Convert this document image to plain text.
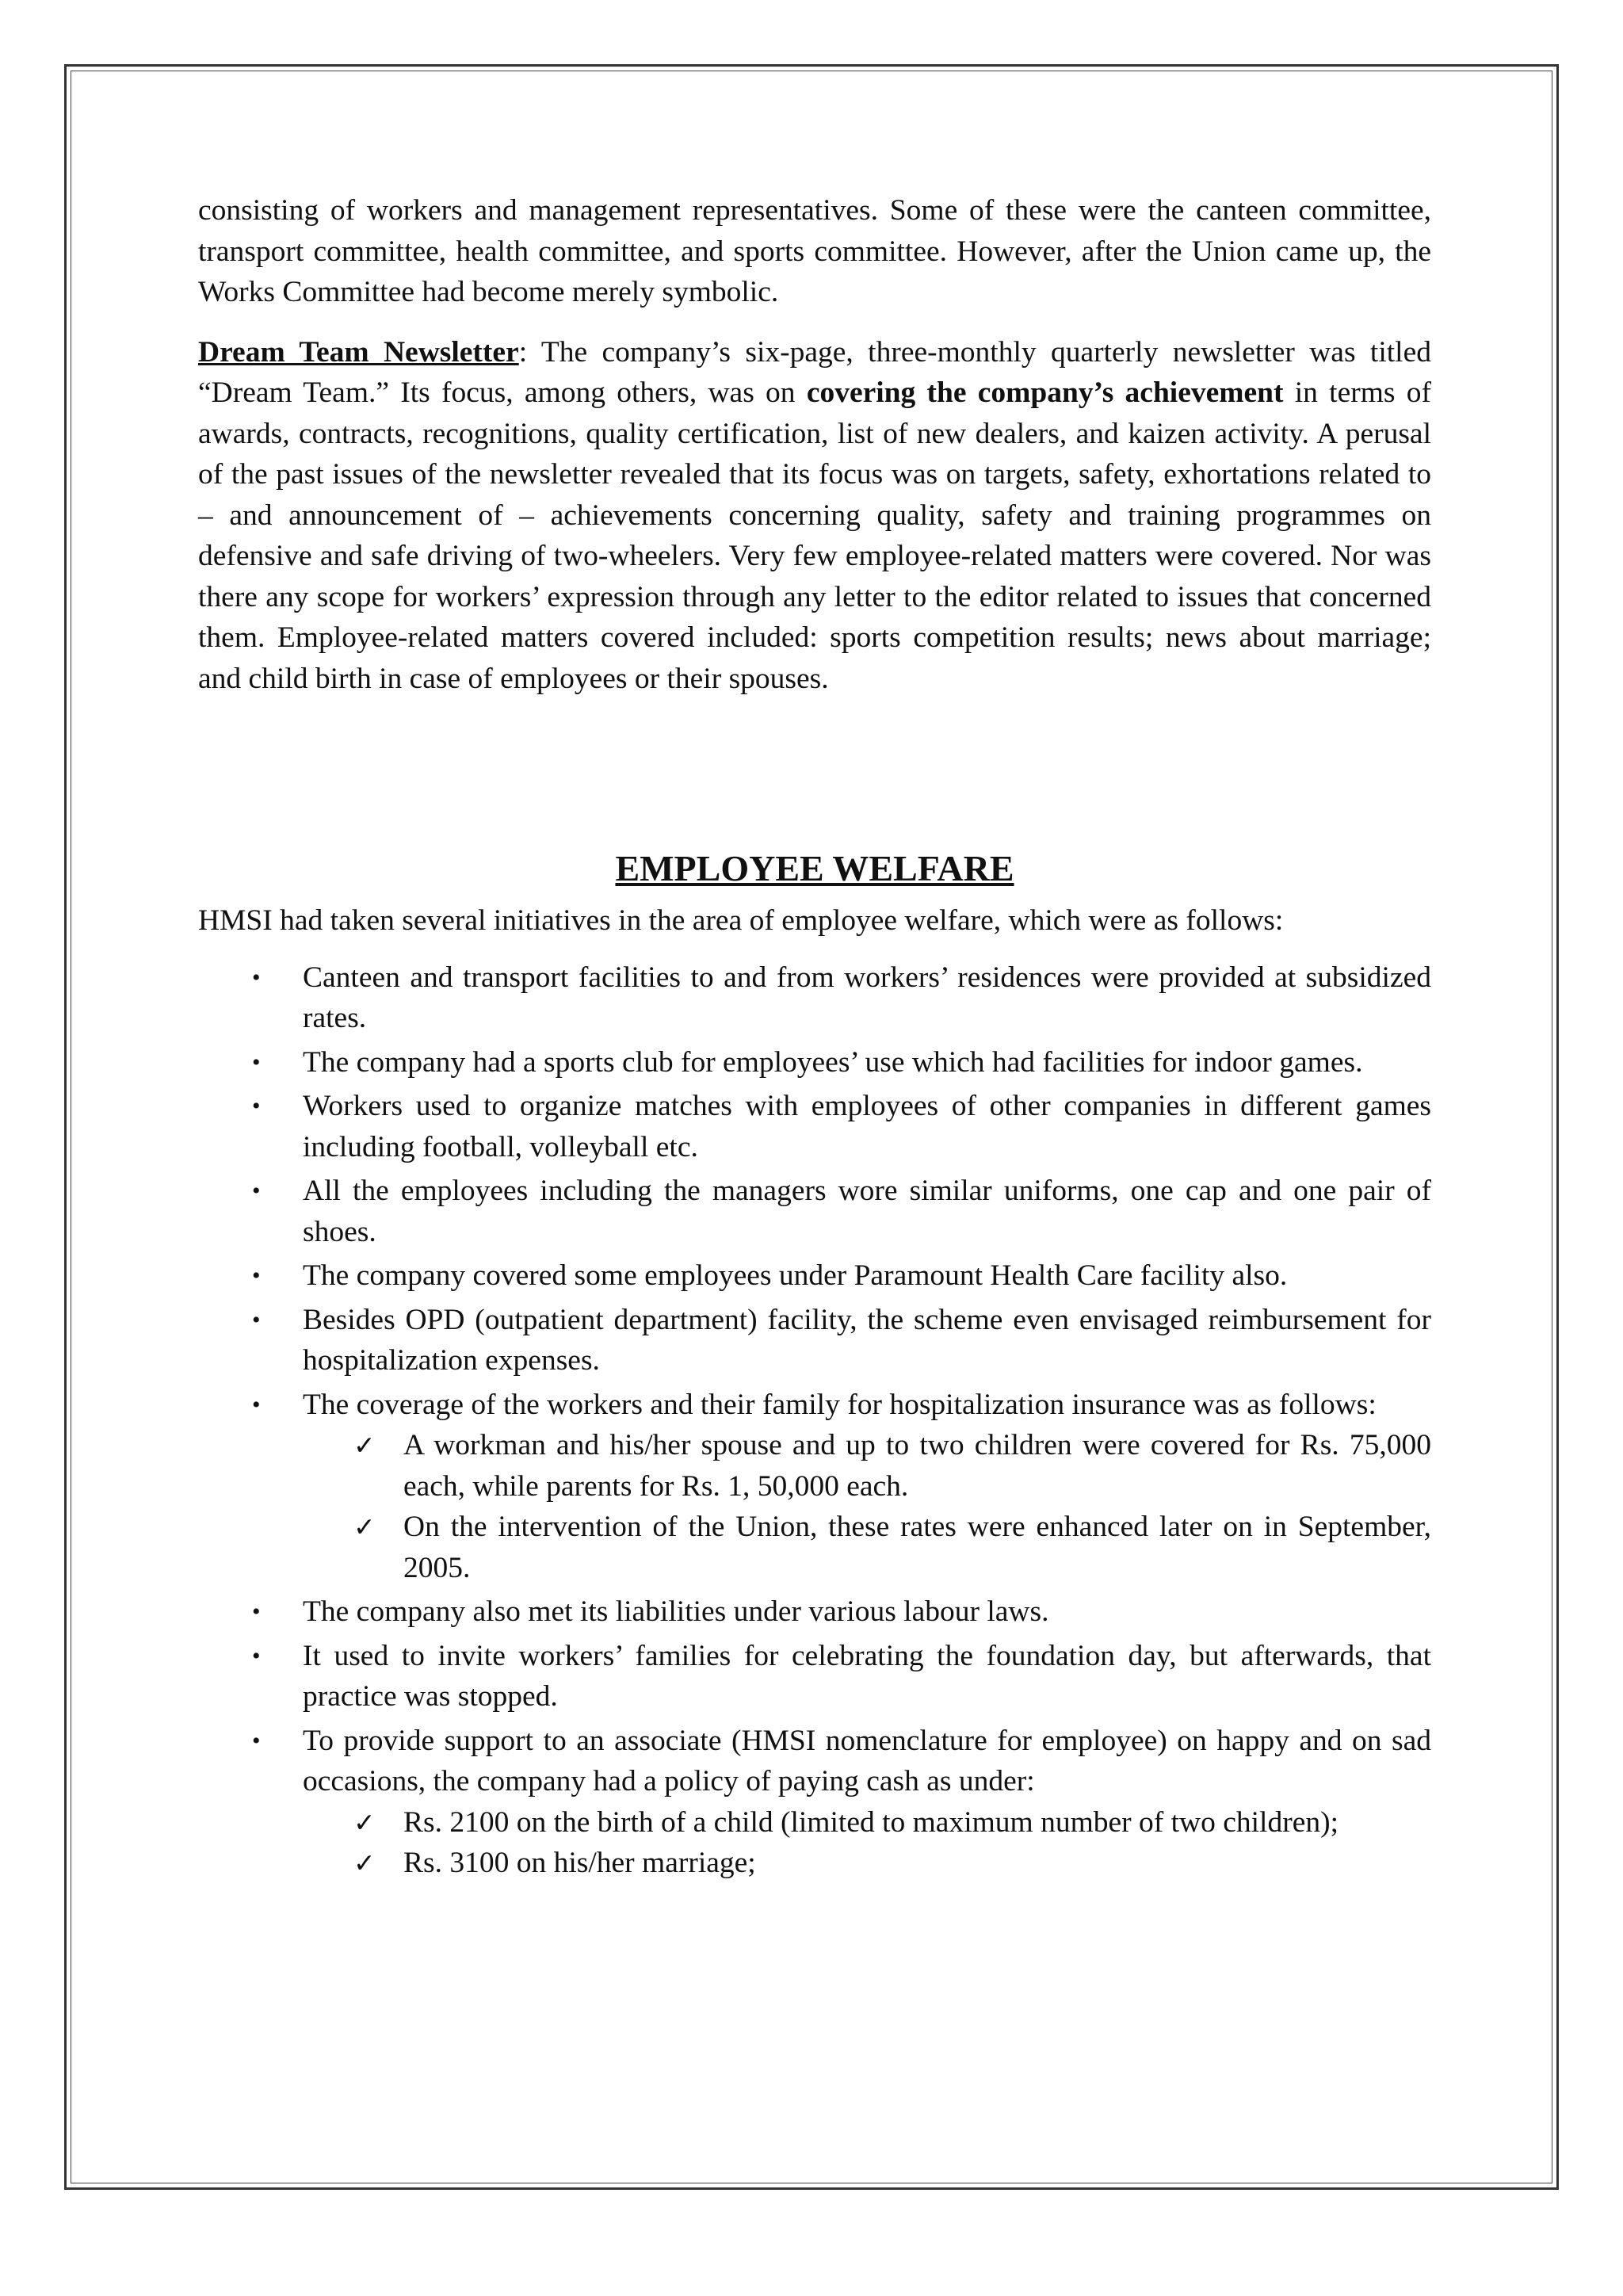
consisting of workers and management representatives. Some of these were the canteen committee, transport committee, health committee, and sports committee. However, after the Union came up, the Works Committee had become merely symbolic.

Dream Team Newsletter: The company’s six-page, three-monthly quarterly newsletter was titled “Dream Team.” Its focus, among others, was on covering the company’s achievement in terms of awards, contracts, recognitions, quality certification, list of new dealers, and kaizen activity. A perusal of the past issues of the newsletter revealed that its focus was on targets, safety, exhortations related to – and announcement of – achievements concerning quality, safety and training programmes on defensive and safe driving of two-wheelers. Very few employee-related matters were covered. Nor was there any scope for workers’ expression through any letter to the editor related to issues that concerned them. Employee-related matters covered included: sports competition results; news about marriage; and child birth in case of employees or their spouses.

EMPLOYEE WELFARE

HMSI had taken several initiatives in the area of employee welfare, which were as follows:

• Canteen and transport facilities to and from workers’ residences were provided at subsidized rates.
• The company had a sports club for employees’ use which had facilities for indoor games.
• Workers used to organize matches with employees of other companies in different games including football, volleyball etc.
• All the employees including the managers wore similar uniforms, one cap and one pair of shoes.
• The company covered some employees under Paramount Health Care facility also.
• Besides OPD (outpatient department) facility, the scheme even envisaged reimbursement for hospitalization expenses.
• The coverage of the workers and their family for hospitalization insurance was as follows:
✓ A workman and his/her spouse and up to two children were covered for Rs. 75,000 each, while parents for Rs. 1, 50,000 each.
✓ On the intervention of the Union, these rates were enhanced later on in September, 2005.
• The company also met its liabilities under various labour laws.
• It used to invite workers’ families for celebrating the foundation day, but afterwards, that practice was stopped.
• To provide support to an associate (HMSI nomenclature for employee) on happy and on sad occasions, the company had a policy of paying cash as under:
✓ Rs. 2100 on the birth of a child (limited to maximum number of two children);
✓ Rs. 3100 on his/her marriage;
